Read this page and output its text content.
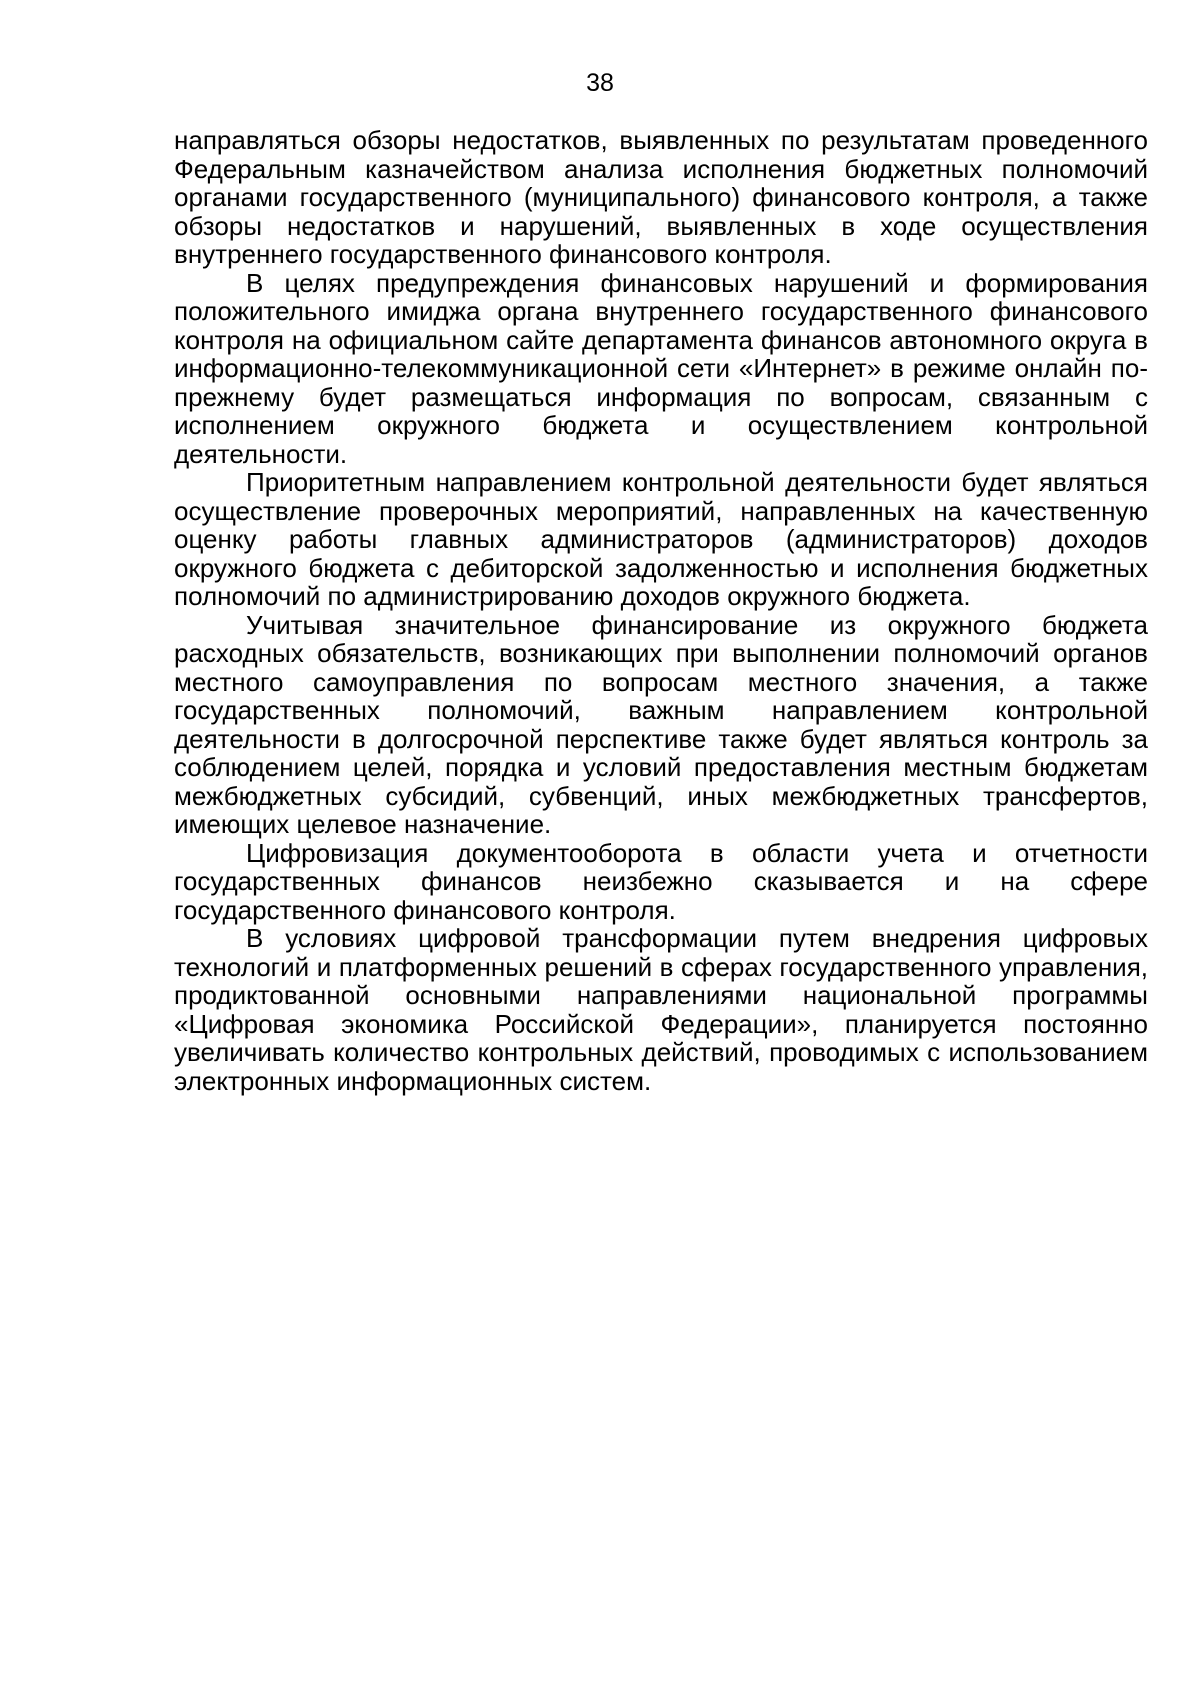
38

направляться обзоры недостатков, выявленных по результатам проведенного Федеральным казначейством анализа исполнения бюджетных полномочий органами государственного (муниципального) финансового контроля, а также обзоры недостатков и нарушений, выявленных в ходе осуществления внутреннего государственного финансового контроля.

В целях предупреждения финансовых нарушений и формирования положительного имиджа органа внутреннего государственного финансового контроля на официальном сайте департамента финансов автономного округа в информационно-телекоммуникационной сети «Интернет» в режиме онлайн по-прежнему будет размещаться информация по вопросам, связанным с исполнением окружного бюджета и осуществлением контрольной деятельности.

Приоритетным направлением контрольной деятельности будет являться осуществление проверочных мероприятий, направленных на качественную оценку работы главных администраторов (администраторов) доходов окружного бюджета с дебиторской задолженностью и исполнения бюджетных полномочий по администрированию доходов окружного бюджета.

Учитывая значительное финансирование из окружного бюджета расходных обязательств, возникающих при выполнении полномочий органов местного самоуправления по вопросам местного значения, а также государственных полномочий, важным направлением контрольной деятельности в долгосрочной перспективе также будет являться контроль за соблюдением целей, порядка и условий предоставления местным бюджетам межбюджетных субсидий, субвенций, иных межбюджетных трансфертов, имеющих целевое назначение.

Цифровизация документооборота в области учета и отчетности государственных финансов неизбежно сказывается и на сфере государственного финансового контроля.

В условиях цифровой трансформации путем внедрения цифровых технологий и платформенных решений в сферах государственного управления, продиктованной основными направлениями национальной программы «Цифровая экономика Российской Федерации», планируется постоянно увеличивать количество контрольных действий, проводимых с использованием электронных информационных систем.
